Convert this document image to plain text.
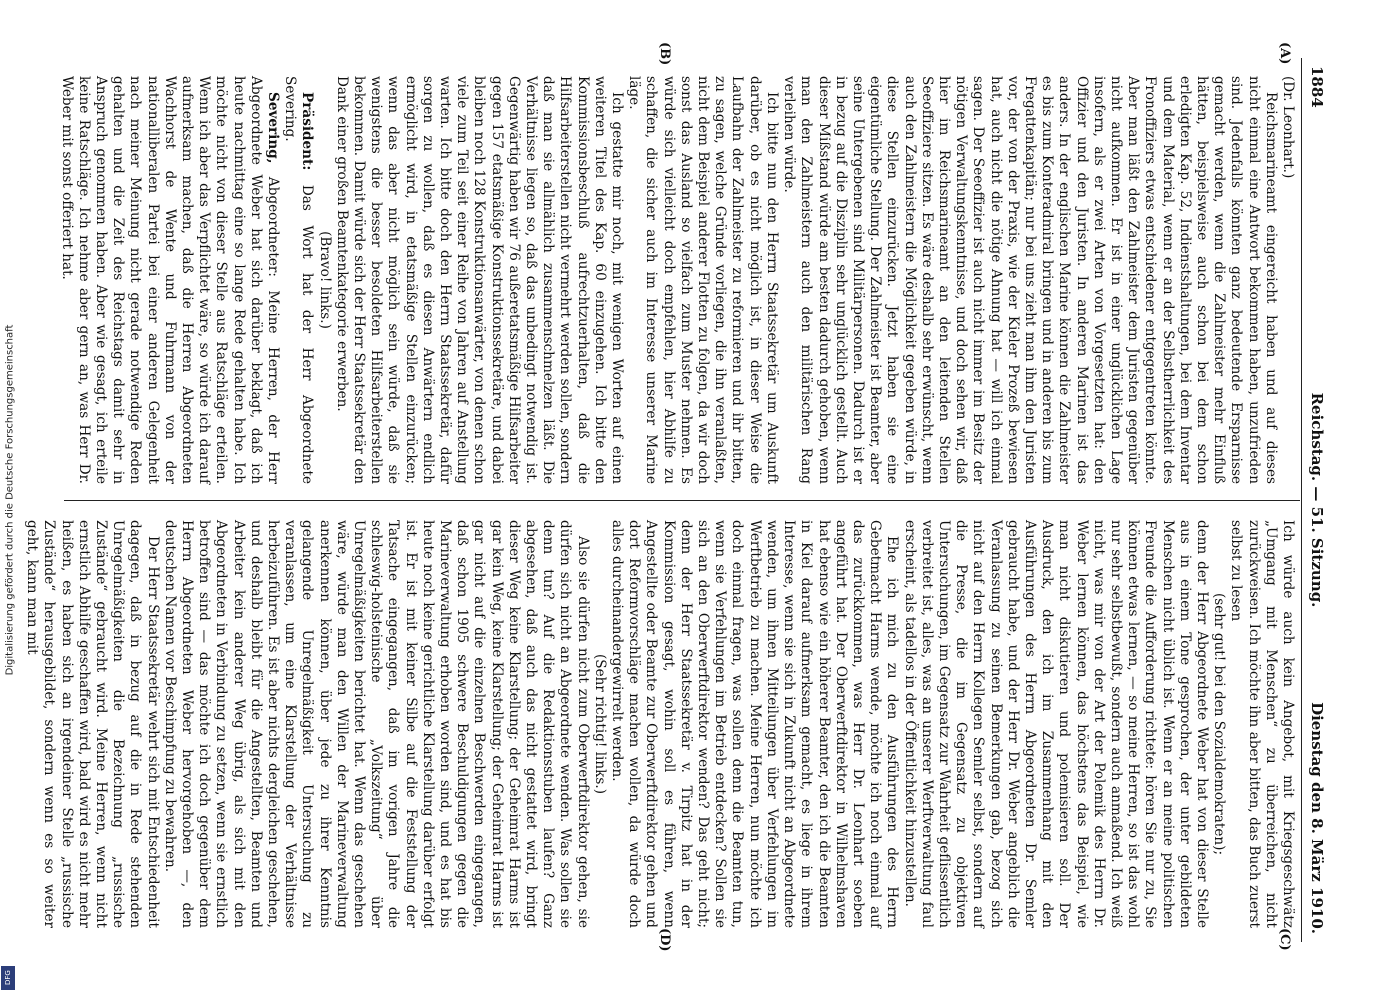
Digitalisierung gefördert durch die Deutsche Forschungsgemeinschaft
DFG
1884
Reichstag. — 51. Sitzung.
Dienstag den 8. März 1910.
(A)
(B)
(C)
(D)

(Dr. Leonhart.)

Reichsmarineamt eingereicht haben und auf dieses nicht einmal eine Antwort bekommen haben, unzufrieden sind. Jedenfalls könnten ganz bedeutende Ersparnisse gemacht werden, wenn die Zahlmeister mehr Einfluß hätten, beispielsweise auch schon bei dem schon erledigten Kap. 52, Indienstshaltungen, bei dem Inventar und dem Material, wenn er an der Selbstherrlichkeit des Fronoffiziers etwas entschiedener entgegentreten könnte. Aber man läßt den Zahlmeister dem Juristen gegenüber nicht aufkommen. Er ist in einer unglücklichen Lage insofern, als er zwei Arten von Vorgesetzten hat: den Offizier und den Juristen. In anderen Marinen ist das anders. In der englischen Marine können die Zahlmeister es bis zum Konteradmiral bringen und in anderen bis zum Fregattenkapitän; nur bei uns zieht man ihm den Juristen vor, der von der Praxis, wie der Kieler Prozeß bewiesen hat, auch nicht die nötige Ahnung hat — will ich einmal sagen. Der Seeoffizier ist auch nicht immer im Besitz der nötigen Verwaltungskenntnisse, und doch sehen wir, daß hier im Reichsmarineamt an den leitenden Stellen Seeoffiziere sitzen. Es wäre deshalb sehr erwünscht, wenn auch den Zahlmeistern die Möglichkeit gegeben würde, in diese Stellen einzurücken. Jetzt haben sie eine eigentümliche Stellung. Der Zahlmeister ist Beamter, aber seine Untergebenen sind Militärpersonen. Dadurch ist er in bezug auf die Disziplin sehr unglücklich gestellt. Auch dieser Mißstand würde am besten dadurch gehoben, wenn man den Zahlmeistern auch den militärischen Rang verleihen würde.

Ich bitte nun den Herrn Staatssekretär um Auskunft darüber, ob es nicht möglich ist, in dieser Weise die Laufbahn der Zahlmeister zu reformieren und ihr bitten, zu sagen, welche Gründe vorliegen, die ihn veranlaßten, nicht dem Beispiel anderer Flotten zu folgen, da wir doch sonst das Ausland so vielfach zum Muster nehmen. Es würde sich vielleicht doch empfehlen, hier Abhilfe zu schaffen, die sicher auch im Interesse unserer Marine läge.

Ich gestatte mir noch, mit wenigen Worten auf einen weiteren Titel des Kap. 60 einzugehen. Ich bitte den Kommissionsbeschluß aufrechtzuerhalten, daß die Hilfsarbeiterstellen nicht vermehrt werden sollen, sondern daß man sie allmählich zusammenschmelzen läßt. Die Verhältnisse liegen so, daß das unbedingt notwendig ist. Gegenwärtig haben wir 76 außeretatsmäßige Hilfsarbeiter gegen 157 etatsmäßige Konstruktionssekretäre, und dabei bleiben noch 128 Konstruktionsanwärter, von denen schon viele zum Teil seit einer Reihe von Jahren auf Anstellung warten. Ich bitte doch den Herrn Staatssekretär, dafür sorgen zu wollen, daß es diesen Anwärtern endlich ermöglicht wird, in etatsmäßige Stellen einzurücken; wenn das aber nicht möglich sein würde, daß sie wenigstens die besser besoldeten Hilfsarbeiterstellen bekommen. Damit würde sich der Herr Staatssekretär den Dank einer großen Beamtenkategorie erwerben.

(Bravo! links.)

Präsident: Das Wort hat der Herr Abgeordnete Severing.

Severing, Abgeordneter: Meine Herren, der Herr Abgeordnete Weber hat sich darüber beklagt, daß ich heute nachmittag eine so lange Rede gehalten habe. Ich möchte nicht von dieser Stelle aus Ratschläge erteilen. Wenn ich aber das Verpflichtet wäre, so würde ich darauf aufmerksam machen, daß die Herren Abgeordneten Wachhorst de Wente und Fuhrmann von der nationalliberalen Partei bei einer anderen Gelegenheit nach meiner Meinung nicht gerade notwendige Reden gehalten und die Zeit des Reichstags damit sehr in Anspruch genommen haben. Aber wie gesagt, ich erteile keine Ratschläge. Ich nehme aber gern an, was Herr Dr. Weber mit sonst offeriert hat.

Ich würde auch kein Angebot, mit Kriegsgeschwätz „Umgang mit Menschen“ zu überreichen, nicht zurückweisen. Ich möchte ihn aber bitten, das Buch zuerst selbst zu lesen

(sehr gut! bei den Sozialdemokraten);

denn der Herr Abgeordnete Weber hat von dieser Stelle aus in einem Tone gesprochen, der unter gebildeten Menschen nicht üblich ist. Wenn er an meine politischen Freunde die Aufforderung richtete: hören Sie nur zu, Sie können etwas lernen, — so meine Herren, so ist das wohl nur sehr selbstbewußt, sondern auch anmaßend. Ich weiß nicht, was mir von der Art der Polemik des Herrn Dr. Weber lernen können, das höchstens das Beispiel, wie man nicht diskutieren und polemisieren soll. Der Ausdruck, den ich im Zusammenhang mit den Ausführungen des Herrn Abgeordneten Dr. Semler gebraucht habe, und der Herr Dr. Weber angeblich die Veranlassung zu seinen Bemerkungen gab, bezog sich nicht auf den Herrn Kollegen Semler selbst, sondern auf die Presse, die im Gegensatz zu objektiven Untersuchungen, im Gegensatz zur Wahrheit geflissentlich verbreitet ist, alles, was an unserer Werftverwaltung faul erscheint, als tadellos in der Öffentlichkeit hinzustellen.

Ehe ich mich zu den Ausführungen des Herrn Gebetmacht Harms wende, möchte ich noch einmal auf das zurückkommen, was Herr Dr. Leonhart soeben angeführt hat. Der Oberwerftdirektor in Wilhelmshaven hat ebenso wie ein höherer Beamter, den ich die Beamten in Kiel darauf aufmerksam gemacht, es liege in ihrem Interesse, wenn sie sich in Zukunft nicht an Abgeordnete wenden, um ihnen Mitteilungen über Verfehlungen im Werftbetrieb zu machen. Meine Herren, nun möchte ich doch einmal fragen, was sollen denn die Beamten tun, wenn sie Verfehlungen im Betrieb entdecken? Sollen sie sich an den Oberwerftdirektor wenden? Das geht nicht; denn der Herr Staatssekretär v. Tirpitz hat in der Kommission gesagt, wohin soll es führen, wenn Angestellte oder Beamte zur Oberwerftdirektor gehen und dort Reformvorschläge machen wollen, da würde doch alles durcheinandergewirrelt werden.

(Sehr richtig! links.)

Also sie dürfen nicht zum Oberwerftdirektor gehen, sie dürfen sich nicht an Abgeordnete wenden. Was sollen sie denn tun? Auf die Redaktionsstuben laufen? Ganz abgesehen, daß auch das nicht gestattet wird, bringt dieser Weg keine Klarstellung; der Geheimrat Harms ist gar kein Weg, keine Klarstellung; der Geheimrat Harms ist gar nicht auf die einzelnen Beschwerden eingegangen, daß schon 1905 schwere Beschuldigungen gegen die Marineverwaltung erhoben worden sind, und es hat bis heute noch keine gerichtliche Klarstellung darüber erfolgt ist. Er ist mit keiner Silbe auf die Feststellung der Tatsache eingegangen, daß im vorigen Jahre die schleswig-holsteinische „Volkszeitung“ über Unregelmäßigkeiten berichtet hat. Wenn das geschehen wäre, würde man den Willen der Marineverwaltung anerkennen können, über jede zu ihrer Kenntnis gelangende Unregelmäßigkeit Untersuchung zu veranlassen, um eine Klarstellung der Verhältnisse herbeizuführen. Es ist aber nichts dergleichen geschehen, und deshalb bleibt für die Angestellten, Beamten und Arbeiter kein anderer Weg übrig, als sich mit den Abgeordneten in Verbindung zu setzen, wenn sie ernstlich betroffen sind — das möchte ich doch gegenüber dem Herrn Abgeordneten Weber hervorgehoben —, den deutschen Namen vor Beschimpfung zu bewahren.

Der Herr Staatssekretär wehrt sich mit Entschiedenheit dagegen, daß in bezug auf die in Rede stehenden Unregelmäßigkeiten die Bezeichnung „russische Zustände“ gebraucht wird. Meine Herren, wenn nicht ernstlich Abhilfe geschaffen wird, bald wird es nicht mehr heißen, es haben sich an irgendeiner Stelle „russische Zustände“ herausgebildet, sondern wenn es so weiter geht, kann man mit
